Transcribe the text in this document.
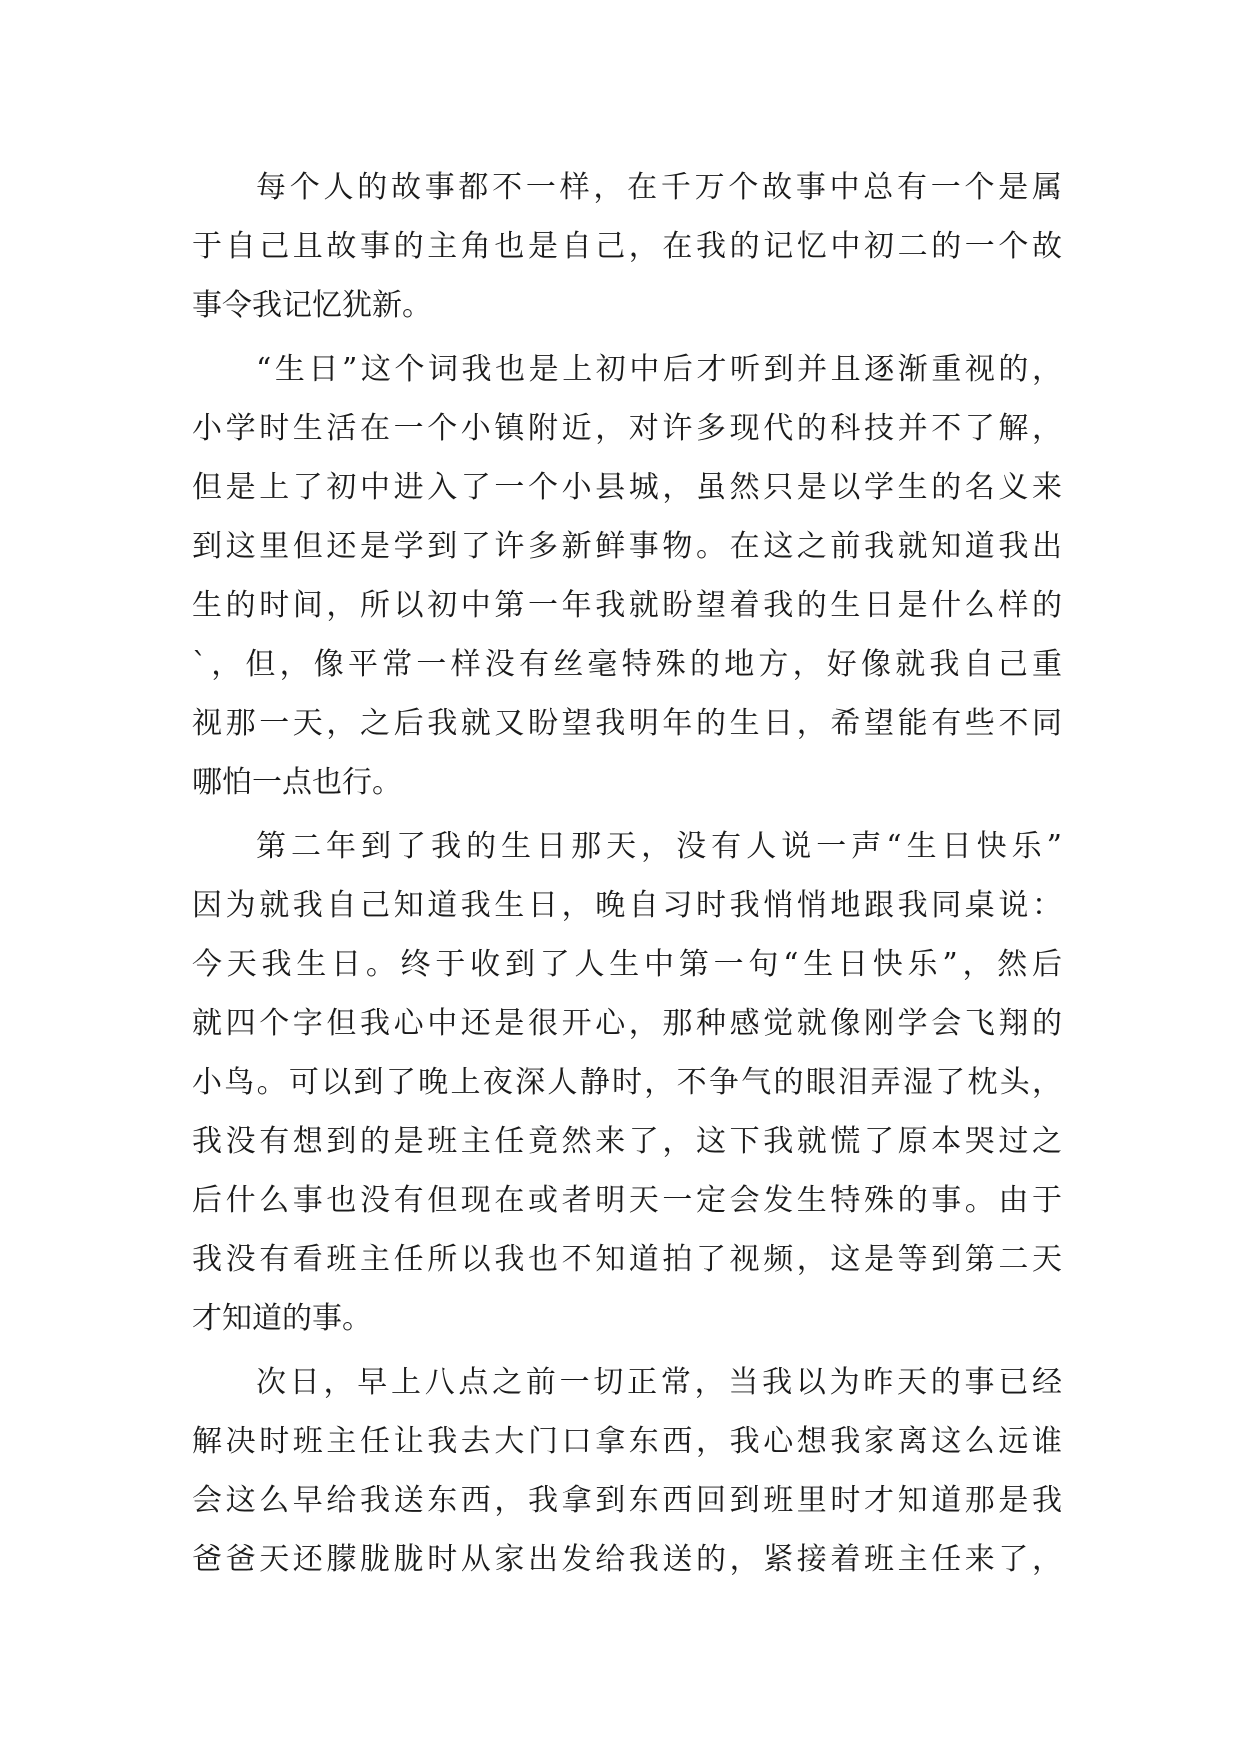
每个人的故事都不一样，在千万个故事中总有一个是属
于自己且故事的主角也是自己，在我的记忆中初二的一个故
事令我记忆犹新。
“生日”这个词我也是上初中后才听到并且逐渐重视的，
小学时生活在一个小镇附近，对许多现代的科技并不了解，
但是上了初中进入了一个小县城，虽然只是以学生的名义来
到这里但还是学到了许多新鲜事物。在这之前我就知道我出
生的时间，所以初中第一年我就盼望着我的生日是什么样的
`，但，像平常一样没有丝毫特殊的地方，好像就我自己重
视那一天，之后我就又盼望我明年的生日，希望能有些不同
哪怕一点也行。
第二年到了我的生日那天，没有人说一声“生日快乐”
因为就我自己知道我生日，晚自习时我悄悄地跟我同桌说：
今天我生日。终于收到了人生中第一句“生日快乐”，然后
就四个字但我心中还是很开心，那种感觉就像刚学会飞翔的
小鸟。可以到了晚上夜深人静时，不争气的眼泪弄湿了枕头，
我没有想到的是班主任竟然来了，这下我就慌了原本哭过之
后什么事也没有但现在或者明天一定会发生特殊的事。由于
我没有看班主任所以我也不知道拍了视频，这是等到第二天
才知道的事。
次日，早上八点之前一切正常，当我以为昨天的事已经
解决时班主任让我去大门口拿东西，我心想我家离这么远谁
会这么早给我送东西，我拿到东西回到班里时才知道那是我
爸爸天还朦胧胧时从家出发给我送的，紧接着班主任来了，
